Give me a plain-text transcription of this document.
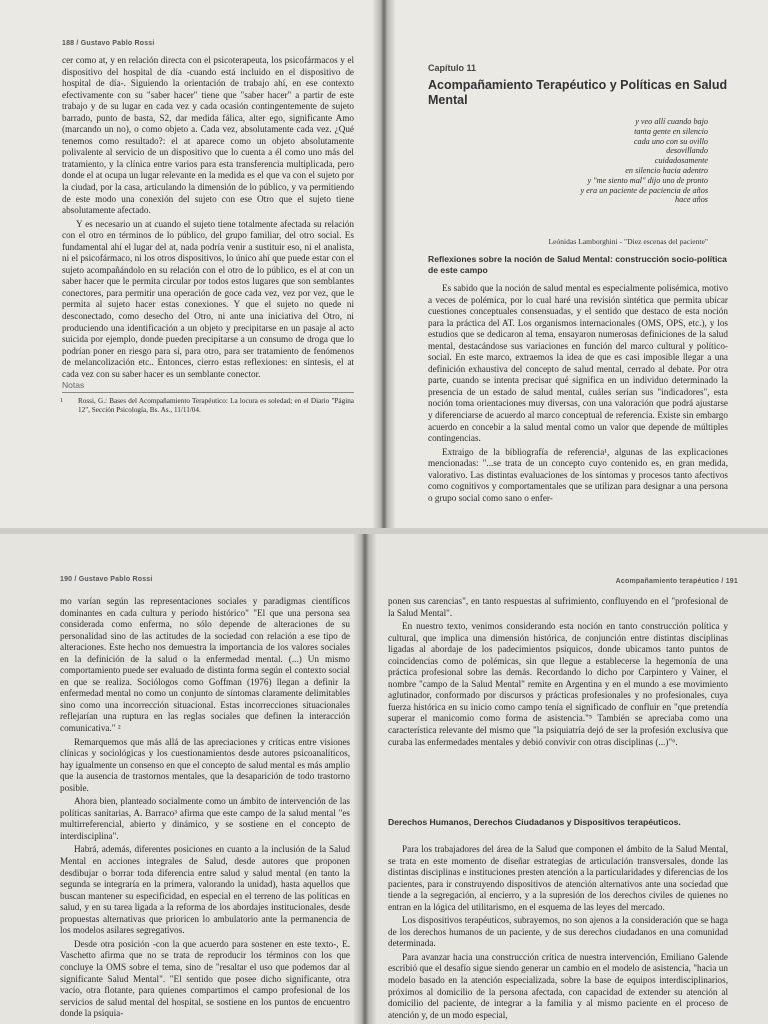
188 / Gustavo Pablo Rossi

cer como at, y en relación directa con el psicoterapeuta, los psicofármacos y el dispositivo del hospital de día -cuando está incluido en el dispositivo de hospital de día-. Siguiendo la orientación de trabajo ahí, en ese contexto efectivamente con su "saber hacer" tiene que "saber hacer" a partir de este trabajo y de su lugar en cada vez y cada ocasión contingentemente de sujeto barrado, punto de basta, S2, dar medida fálica, alter ego, significante Amo (marcando un no), o como objeto a. Cada vez, absolutamente cada vez. ¿Qué tenemos como resultado?: el at aparece como un objeto absolutamente polivalente al servicio de un dispositivo que lo cuenta a él como uno más del tratamiento, y la clínica entre varios para esta transferencia multiplicada, pero donde el at ocupa un lugar relevante en la medida es el que va con el sujeto por la ciudad, por la casa, articulando la dimensión de lo público, y va permitiendo de este modo una conexión del sujeto con ese Otro que el sujeto tiene absolutamente afectado.

Y es necesario un at cuando el sujeto tiene totalmente afectada su relación con el otro en términos de lo público, del grupo familiar, del otro social. Es fundamental ahí el lugar del at, nada podría venir a sustituir eso, ni el analista, ni el psicofármaco, ni los otros dispositivos, lo único ahí que puede estar con el sujeto acompañándolo en su relación con el otro de lo público, es el at con un saber hacer que le permita circular por todos estos lugares que son semblantes conectores, para permitir una operación de goce cada vez, vez por vez, que le permita al sujeto hacer estas conexiones. Y que el sujeto no quede ni desconectado, como desecho del Otro, ni ante una iniciativa del Otro, ni produciendo una identificación a un objeto y precipitarse en un pasaje al acto suicida por ejemplo, donde pueden precipitarse a un consumo de droga que lo podrían poner en riesgo para sí, para otro, para ser tratamiento de fenómenos de melancolización etc.. Entonces, cierro estas reflexiones: en síntesis, el at cada vez con su saber hacer es un semblante conector.

Notas
1	Rossi, G.: Bases del Acompañamiento Terapéutico: La locura es soledad; en el Diario "Página 12", Sección Psicología, Bs. As., 11/11/04.
Capítulo 11
Acompañamiento Terapéutico y Políticas en Salud Mental
y veo allí cuando bajo
tanta gente en silencio
cada uno con su ovillo
desovillando
cuidadosamente
en silencio hacia adentro
y "me siento mal" dijo uno de pronto
y era un paciente de paciencia de años
hace años
Leónidas Lamborghini - "Diez escenas del paciente"
Reflexiones sobre la noción de Salud Mental: construcción socio-política de este campo

Es sabido que la noción de salud mental es especialmente polisémica, motivo a veces de polémica, por lo cual haré una revisión sintética que permita ubicar cuestiones conceptuales consensuadas, y el sentido que destaco de esta noción para la práctica del AT. Los organismos internacionales (OMS, OPS, etc.), y los estudios que se dedicaron al tema, ensayaron numerosas definiciones de la salud mental, destacándose sus variaciones en función del marco cultural y político-social. En este marco, extraemos la idea de que es casi imposible llegar a una definición exhaustiva del concepto de salud mental, cerrado al debate. Por otra parte, cuando se intenta precisar qué significa en un individuo determinado la presencia de un estado de salud mental, cuáles serían sus "indicadores", esta noción toma orientaciones muy diversas, con una valoración que podrá ajustarse y diferenciarse de acuerdo al marco conceptual de referencia. Existe sin embargo acuerdo en concebir a la salud mental como un valor que depende de múltiples contingencias.

Extraigo de la bibliografía de referencia¹, algunas de las explicaciones mencionadas: "...se trata de un concepto cuyo contenido es, en gran medida, valorativo. Las distintas evaluaciones de los síntomas y procesos tanto afectivos como cognitivos y comportamentales que se utilizan para designar a una persona o grupo social como sano o enfer-

190 / Gustavo Pablo Rossi

mo varían según las representaciones sociales y paradigmas científicos dominantes en cada cultura y período histórico" "El que una persona sea considerada como enferma, no sólo depende de alteraciones de su personalidad sino de las actitudes de la sociedad con relación a ese tipo de alteraciones. Este hecho nos demuestra la importancia de los valores sociales en la definición de la salud o la enfermedad mental. (...) Un mismo comportamiento puede ser evaluado de distinta forma según el contexto social en que se realiza. Sociólogos como Goffman (1976) llegan a definir la enfermedad mental no como un conjunto de síntomas claramente delimitables sino como una incorrección situacional. Estas incorrecciones situacionales reflejarían una ruptura en las reglas sociales que definen la interacción comunicativa." ²

Remarquemos que más allá de las apreciaciones y críticas entre visiones clínicas y sociológicas y los cuestionamientos desde autores psicoanalíticos, hay igualmente un consenso en que el concepto de salud mental es más amplio que la ausencia de trastornos mentales, que la desaparición de todo trastorno posible.

Ahora bien, planteado socialmente como un ámbito de intervención de las políticas sanitarias, A. Barraco³ afirma que este campo de la salud mental "es multirreferencial, abierto y dinámico, y se sostiene en el concepto de interdisciplina".

Habrá, además, diferentes posiciones en cuanto a la inclusión de la Salud Mental en acciones integrales de Salud, desde autores que proponen desdibujar o borrar toda diferencia entre salud y salud mental (en tanto la segunda se integraría en la primera, valorando la unidad), hasta aquellos que buscan mantener su especificidad, en especial en el terreno de las políticas en salud, y en su tarea ligada a la reforma de los abordajes institucionales, desde propuestas alternativas que prioricen lo ambulatorio ante la permanencia de los modelos asilares segregativos.

Desde otra posición -con la que acuerdo para sostener en este texto-, E. Vaschetto afirma que no se trata de reproducir los términos con los que concluye la OMS sobre el tema, sino de "resaltar el uso que podemos dar al significante Salud Mental". "El sentido que posee dicho significante, otra vacío, otra flotante, para quienes compartimos el campo profesional de los servicios de salud mental del hospital, se sostiene en los puntos de encuentro donde la psiquia-

Acompañamiento terapéutico / 191

ponen sus carencias", en tanto respuestas al sufrimiento, confluyendo en el "profesional de la Salud Mental".

En nuestro texto, venimos considerando esta noción en tanto construcción política y cultural, que implica una dimensión histórica, de conjunción entre distintas disciplinas ligadas al abordaje de los padecimientos psíquicos, donde ubicamos tanto puntos de coincidencias como de polémicas, sin que llegue a establecerse la hegemonía de una práctica profesional sobre las demás. Recordando lo dicho por Carpintero y Vainer, el nombre "campo de la Salud Mental" remite en Argentina y en el mundo a ese movimiento aglutinador, conformado por discursos y prácticas profesionales y no profesionales, cuya fuerza histórica en su inicio como campo tenía el significado de confluir en "que pretendía superar el manicomio como forma de asistencia."⁵ También se apreciaba como una característica relevante del mismo que "la psiquiatría dejó de ser la profesión exclusiva que curaba las enfermedades mentales y debió convivir con otras disciplinas (...)"⁶.

Derechos Humanos, Derechos Ciudadanos y Dispositivos terapéuticos.

Para los trabajadores del área de la Salud que componen el ámbito de la Salud Mental, se trata en este momento de diseñar estrategias de articulación transversales, donde las distintas disciplinas e instituciones presten atención a la particularidades y diferencias de los pacientes, para ir construyendo dispositivos de atención alternativos ante una sociedad que tiende a la segregación, al encierro, y a la supresión de los derechos civiles de quienes no entran en la lógica del utilitarismo, en el esquema de las leyes del mercado.

Los dispositivos terapéuticos, subrayemos, no son ajenos a la consideración que se haga de los derechos humanos de un paciente, y de sus derechos ciudadanos en una comunidad determinada.

Para avanzar hacia una construcción crítica de nuestra intervención, Emiliano Galende escribió que el desafío sigue siendo generar un cambio en el modelo de asistencia, "hacia un modelo basado en la atención especializada, sobre la base de equipos interdisciplinarios, próximos al domicilio de la persona afectada, con capacidad de extender su atención al domicilio del paciente, de integrar a la familia y al mismo paciente en el proceso de atención y, de un modo especial,
